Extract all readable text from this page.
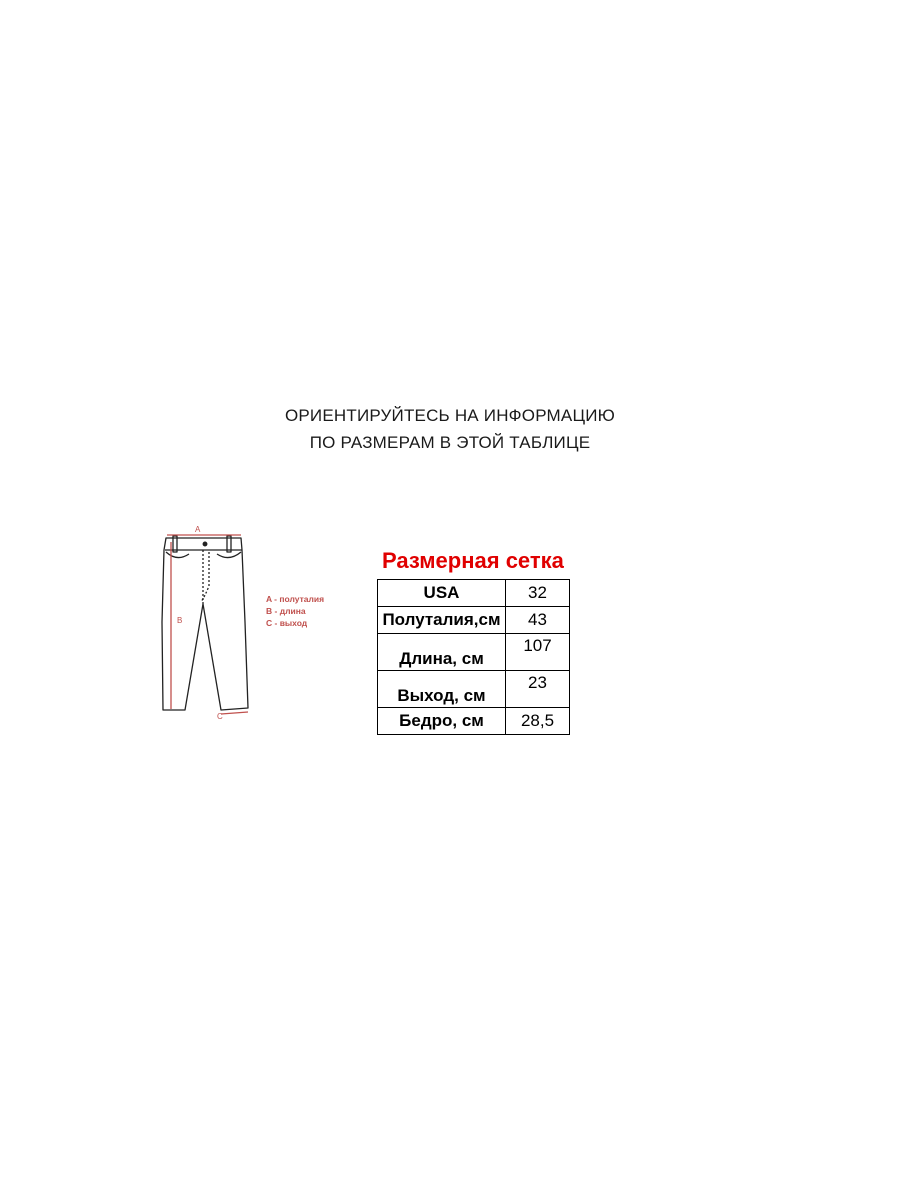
ОРИЕНТИРУЙТЕСЬ НА ИНФОРМАЦИЮ
ПО РАЗМЕРАМ В ЭТОЙ ТАБЛИЦЕ
A
B
C
A - полуталия
B - длина
C - выход
Размерная сетка
USA	32
Полуталия,см	43
Длина, см	107
Выход, см	23
Бедро, см	28,5
